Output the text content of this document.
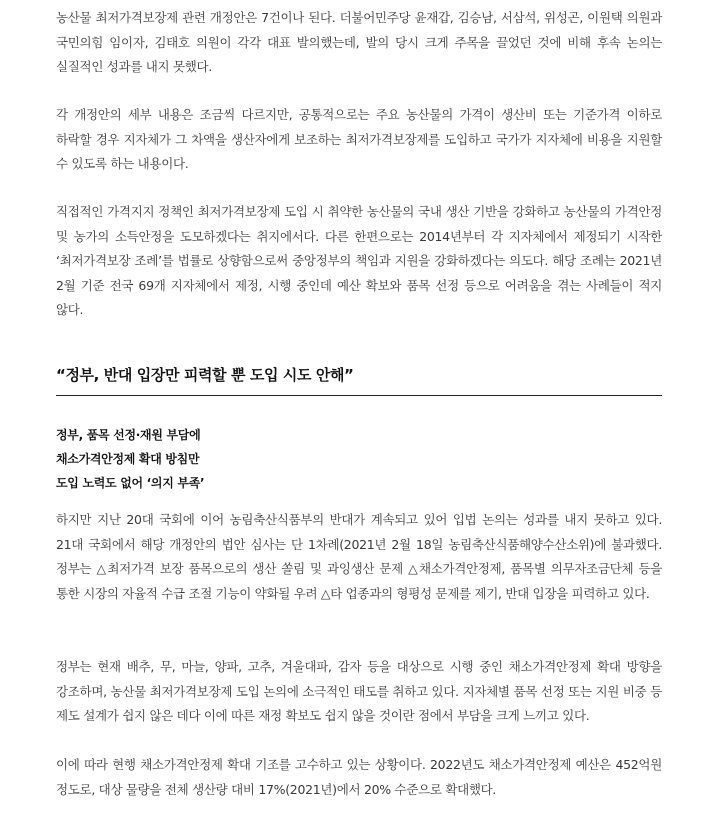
농산물 최저가격보장제 관련 개정안은 7건이나 된다. 더불어민주당 윤재갑, 김승남, 서삼석, 위성곤, 이원택 의원과 국민의힘 임이자, 김태호 의원이 각각 대표 발의했는데, 발의 당시 크게 주목을 끌었던 것에 비해 후속 논의는 실질적인 성과를 내지 못했다.

각 개정안의 세부 내용은 조금씩 다르지만, 공통적으로는 주요 농산물의 가격이 생산비 또는 기준가격 이하로 하락할 경우 지자체가 그 차액을 생산자에게 보조하는 최저가격보장제를 도입하고 국가가 지자체에 비용을 지원할 수 있도록 하는 내용이다.

직접적인 가격지지 정책인 최저가격보장제 도입 시 취약한 농산물의 국내 생산 기반을 강화하고 농산물의 가격안정 및 농가의 소득안정을 도모하겠다는 취지에서다. 다른 한편으로는 2014년부터 각 지자체에서 제정되기 시작한 ‘최저가격보장 조례’를 법률로 상향함으로써 중앙정부의 책임과 지원을 강화하겠다는 의도다. 해당 조례는 2021년 2월 기준 전국 69개 지자체에서 제정, 시행 중인데 예산 확보와 품목 선정 등으로 어려움을 겪는 사례들이 적지 않다.

“정부, 반대 입장만 피력할 뿐 도입 시도 안해”
정부, 품목 선정·재원 부담에
채소가격안정제 확대 방침만
도입 노력도 없어 ‘의지 부족’

하지만 지난 20대 국회에 이어 농림축산식품부의 반대가 계속되고 있어 입법 논의는 성과를 내지 못하고 있다. 21대 국회에서 해당 개정안의 법안 심사는 단 1차례(2021년 2월 18일 농림축산식품해양수산소위)에 불과했다. 정부는 △최저가격 보장 품목으로의 생산 쏠림 및 과잉생산 문제 △채소가격안정제, 품목별 의무자조금단체 등을 통한 시장의 자율적 수급 조절 기능이 약화될 우려 △타 업종과의 형평성 문제를 제기, 반대 입장을 피력하고 있다.

정부는 현재 배추, 무, 마늘, 양파, 고추, 겨울대파, 감자 등을 대상으로 시행 중인 채소가격안정제 확대 방향을 강조하며, 농산물 최저가격보장제 도입 논의에 소극적인 태도를 취하고 있다. 지자체별 품목 선정 또는 지원 비중 등 제도 설계가 쉽지 않은 데다 이에 따른 재정 확보도 쉽지 않을 것이란 점에서 부담을 크게 느끼고 있다.

이에 따라 현행 채소가격안정제 확대 기조를 고수하고 있는 상황이다. 2022년도 채소가격안정제 예산은 452억원 정도로, 대상 물량을 전체 생산량 대비 17%(2021년)에서 20% 수준으로 확대했다.
